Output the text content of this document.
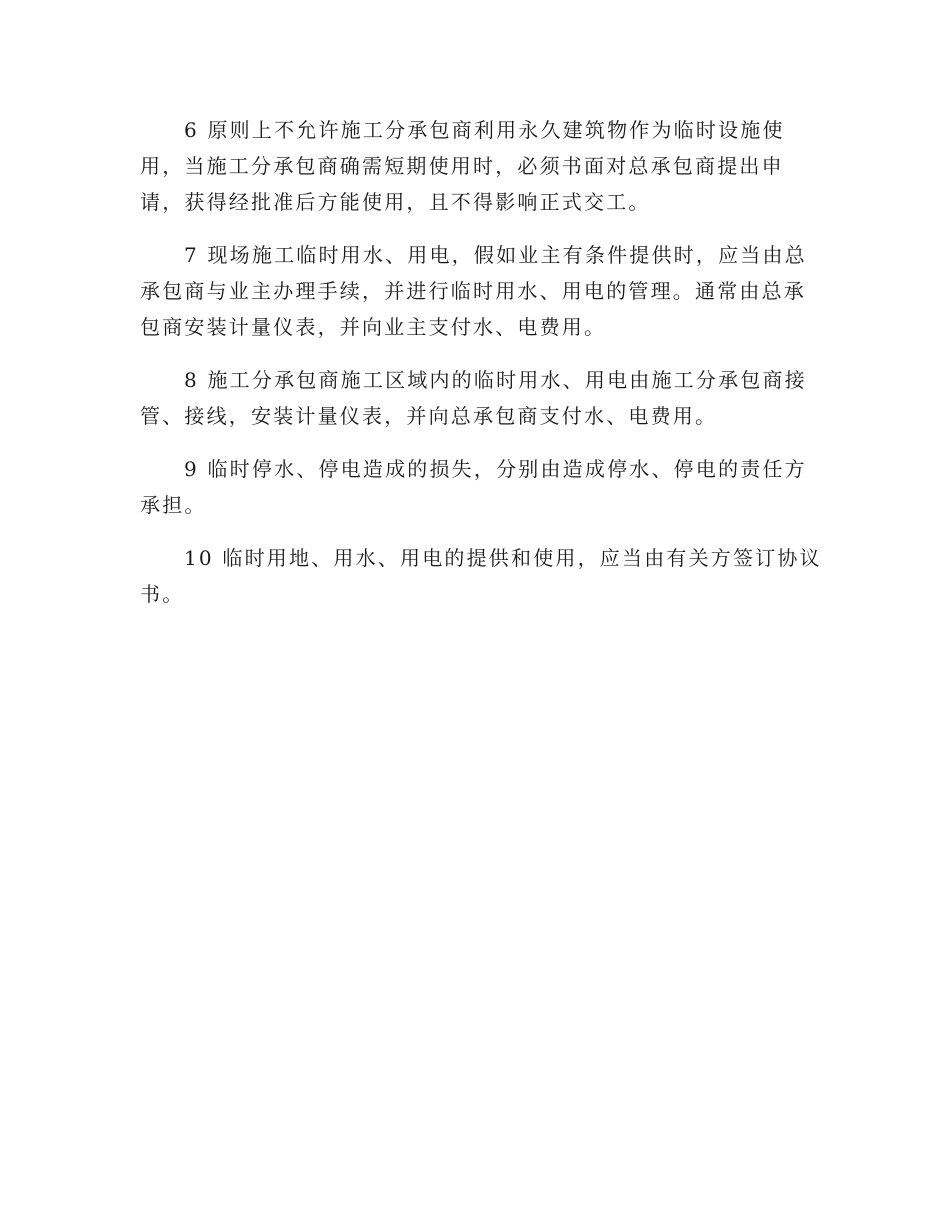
6 原则上不允许施工分承包商利用永久建筑物作为临时设施使
用，当施工分承包商确需短期使用时，必须书面对总承包商提出申
请，获得经批准后方能使用，且不得影响正式交工。

7 现场施工临时用水、用电，假如业主有条件提供时，应当由总
承包商与业主办理手续，并进行临时用水、用电的管理。通常由总承
包商安装计量仪表，并向业主支付水、电费用。

8 施工分承包商施工区域内的临时用水、用电由施工分承包商接
管、接线，安装计量仪表，并向总承包商支付水、电费用。

9 临时停水、停电造成的损失，分别由造成停水、停电的责任方
承担。

10 临时用地、用水、用电的提供和使用，应当由有关方签订协议
书。
